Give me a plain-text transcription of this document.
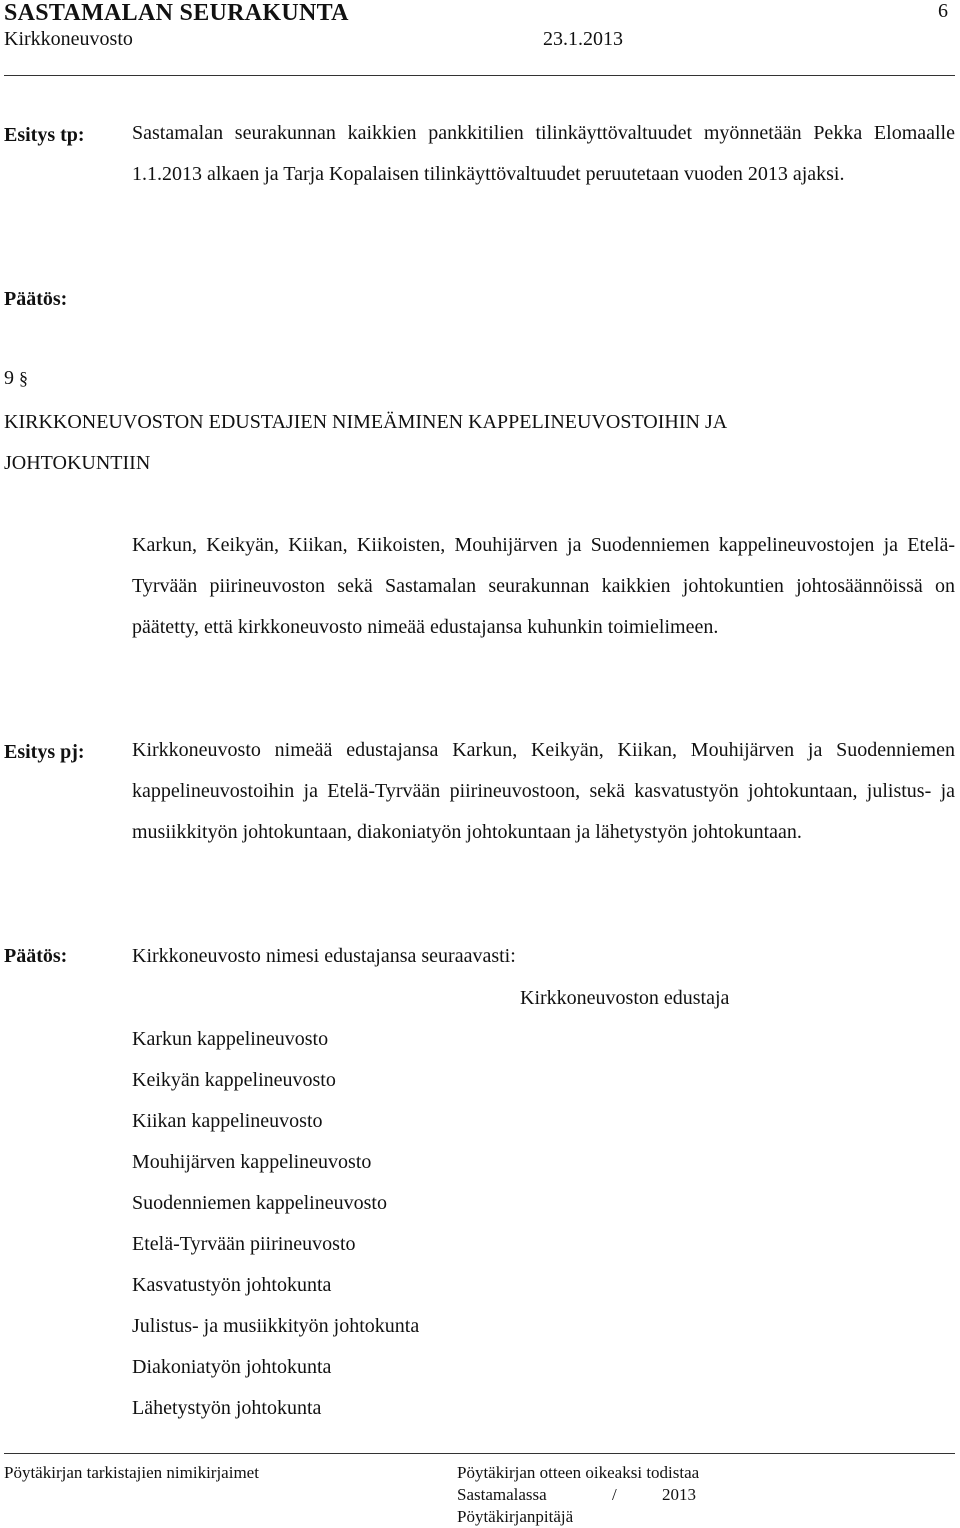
SASTAMALAN SEURAKUNTA	6
Kirkkoneuvosto	23.1.2013
Esitys tp: Sastamalan seurakunnan kaikkien pankkitilien tilinkäyttövaltuudet myönnetään Pekka Elomaalle 1.1.2013 alkaen ja Tarja Kopalaisen tilinkäyttövaltuudet peruutetaan vuoden 2013 ajaksi.
Päätös:
9 §
KIRKKONEUVOSTON EDUSTAJIEN NIMEÄMINEN KAPPELINEUVOSTOIHIN JA
JOHTOKUNTIIN
Karkun, Keikyän, Kiikan, Kiikoisten, Mouhijärven ja Suodenniemen kappelineuvostojen ja Etelä-Tyrvään piirineuvoston sekä Sastamalan seurakunnan kaikkien johtokuntien johtosäännöissä on päätetty, että kirkkoneuvosto nimeää edustajansa kuhunkin toimielimeen.
Esitys pj: Kirkkoneuvosto nimeää edustajansa Karkun, Keikyän, Kiikan, Mouhijärven ja Suodenniemen kappelineuvostoihin ja Etelä-Tyrvään piirineuvostoon, sekä kasvatustyön johtokuntaan, julistus- ja musiikkityön johtokuntaan, diakoniatyön johtokuntaan ja lähetystyön johtokuntaan.
Päätös:	Kirkkoneuvosto nimesi edustajansa seuraavasti:
Kirkkoneuvoston edustaja
Karkun kappelineuvosto
Keikyän kappelineuvosto
Kiikan kappelineuvosto
Mouhijärven kappelineuvosto
Suodenniemen kappelineuvosto
Etelä-Tyrvään piirineuvosto
Kasvatustyön johtokunta
Julistus- ja musiikkityön johtokunta
Diakoniatyön johtokunta
Lähetystyön johtokunta
Pöytäkirjan tarkistajien nimikirjaimet	Pöytäkirjan otteen oikeaksi todistaa
Sastamalassa	/	2013
Pöytäkirjanpitäjä
